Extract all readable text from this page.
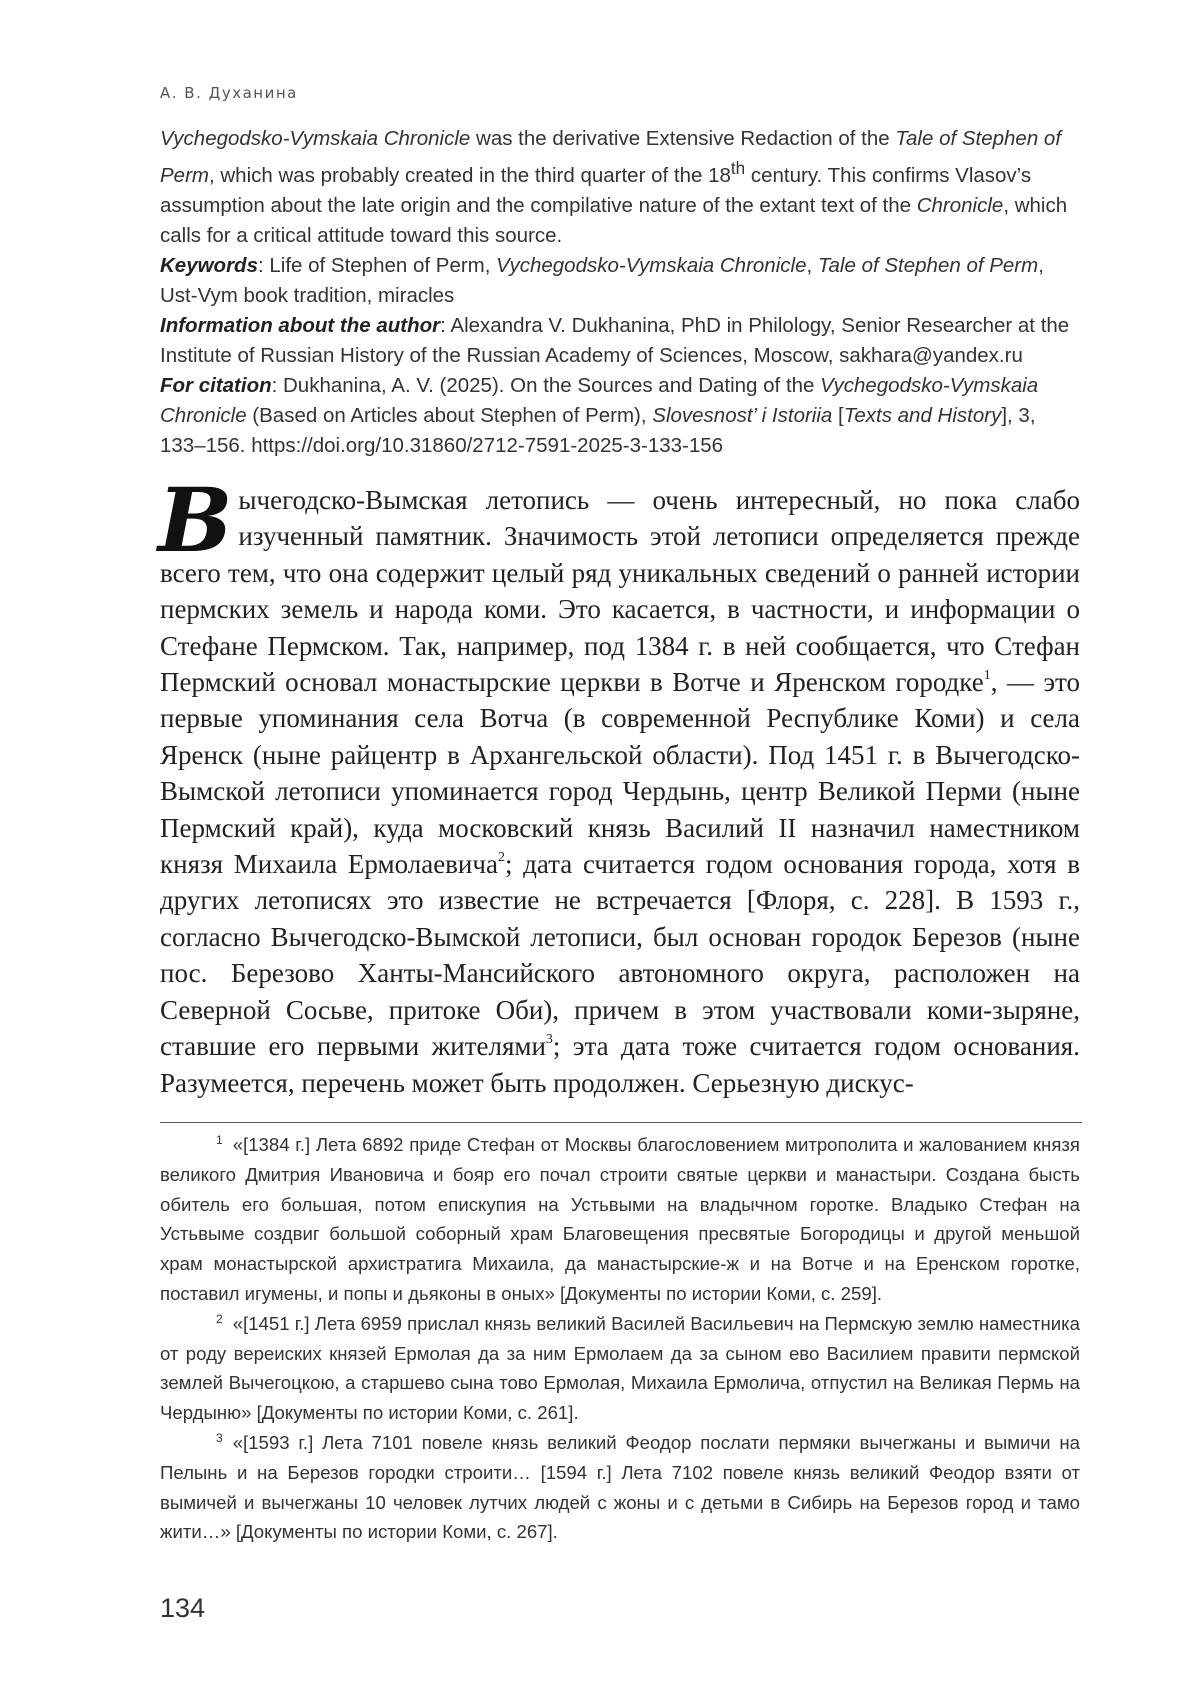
А. В. Духанина

Vychegodsko-Vymskaia Chronicle was the derivative Extensive Redaction of the Tale of Stephen of Perm, which was probably created in the third quarter of the 18th century. This confirms Vlasov’s assumption about the late origin and the compilative nature of the extant text of the Chronicle, which calls for a critical attitude toward this source.

Keywords: Life of Stephen of Perm, Vychegodsko-Vymskaia Chronicle, Tale of Stephen of Perm, Ust-Vym book tradition, miracles

Information about the author: Alexandra V. Dukhanina, PhD in Philology, Senior Researcher at the Institute of Russian History of the Russian Academy of Sciences, Moscow, sakhara@yandex.ru

For citation: Dukhanina, A. V. (2025). On the Sources and Dating of the Vychegodsko-Vymskaia Chronicle (Based on Articles about Stephen of Perm), Slovesnost’ i Istoriia [Texts and History], 3, 133–156. https://doi.org/10.31860/2712-7591-2025-3-133-156

Вычегодско-Вымская летопись — очень интересный, но пока слабо изученный памятник. Значимость этой летописи определяется прежде всего тем, что она содержит целый ряд уникальных сведений о ранней истории пермских земель и народа коми. Это касается, в частности, и информации о Стефане Пермском. Так, например, под 1384 г. в ней сообщается, что Стефан Пермский основал монастырские церкви в Вотче и Яренском городке$^1$, — это первые упоминания села Вотча (в современной Республике Коми) и села Яренск (ныне райцентр в Архангельской области). Под 1451 г. в Вычегодско-Вымской летописи упоминается город Чердынь, центр Великой Перми (ныне Пермский край), куда московский князь Василий II назначил наместником князя Михаила Ермолаевича$^2$; дата считается годом основания города, хотя в других летописях это известие не встречается [Флоря, с. 228]. В 1593 г., согласно Вычегодско-Вымской летописи, был основан городок Березов (ныне пос. Березово Ханты-Мансийского автономного округа, расположен на Северной Сосьве, притоке Оби), причем в этом участвовали коми-зыряне, ставшие его первыми жителями$^3$; эта дата тоже считается годом основания. Разумеется, перечень может быть продолжен. Серьезную дискус-

$^1$ «[1384 г.] Лета 6892 приде Стефан от Москвы благословением митрополита и жалованием князя великого Дмитрия Ивановича и бояр его почал строити святые церкви и манастыри. Создана бысть обитель его большая, потом епискупия на Устьвыми на владычном горотке. Владыко Стефан на Устьвыме создвиг большой соборный храм Благовещения пресвятые Богородицы и другой меньшой храм монастырской архистратига Михаила, да манастырские-ж и на Вотче и на Еренском горотке, поставил игумены, и попы и дьяконы в оных» [Документы по истории Коми, с. 259].

$^2$ «[1451 г.] Лета 6959 прислал князь великий Василей Васильевич на Пермскую землю наместника от роду вереиских князей Ермолая да за ним Ермолаем да за сыном ево Василием правити пермской землей Вычегоцкою, а старшево сына тово Ермолая, Михаила Ермолича, отпустил на Великая Пермь на Чердыню» [Документы по истории Коми, с. 261].

$^3$ «[1593 г.] Лета 7101 повеле князь великий Феодор послати пермяки вычегжаны и вымичи на Пелынь и на Березов городки строити… [1594 г.] Лета 7102 повеле князь великий Феодор взяти от вымичей и вычегжаны 10 человек лутчих людей с жоны и с детьми в Сибирь на Березов город и тамо жити…» [Документы по истории Коми, с. 267].

134
